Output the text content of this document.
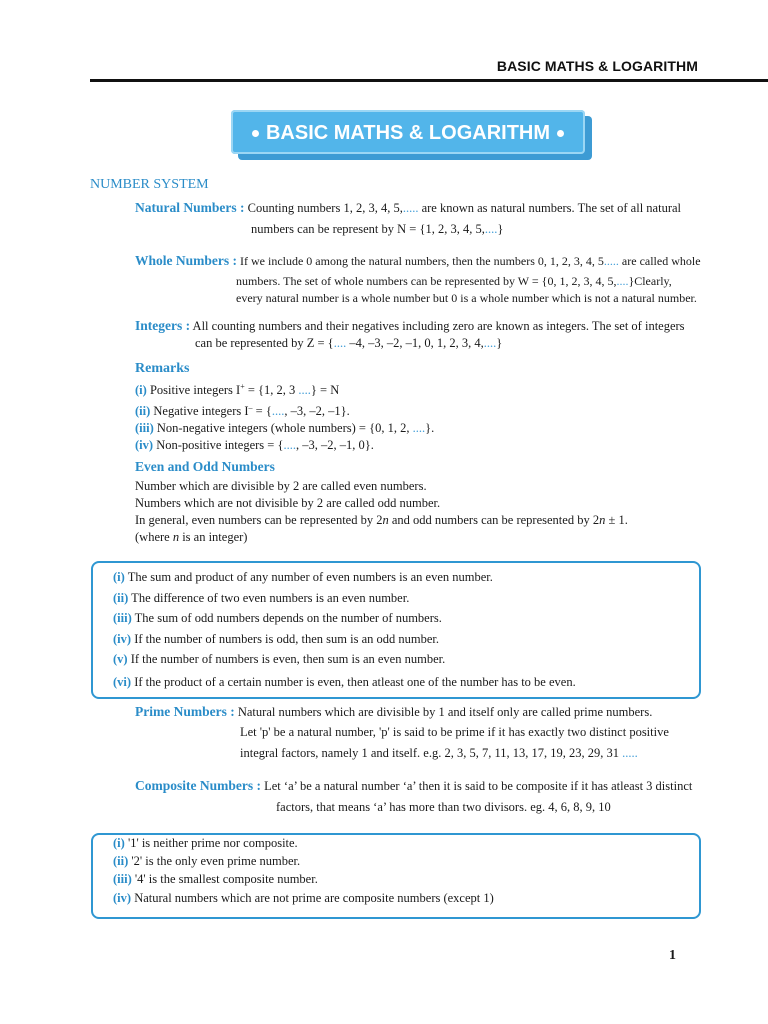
BASIC MATHS & LOGARITHM
BASIC MATHS & LOGARITHM
NUMBER SYSTEM
Natural Numbers : Counting numbers 1, 2, 3, 4, 5,..... are known as natural numbers. The set of all natural
numbers can be represent by N = {1, 2, 3, 4, 5,....}
Whole Numbers : If we include 0 among the natural numbers, then the numbers 0, 1, 2, 3, 4, 5..... are called whole
numbers. The set of whole numbers can be represented by W = {0, 1, 2, 3, 4, 5,....}Clearly,
every natural number is a whole number but 0 is a whole number which is not a natural number.
Integers : All counting numbers and their negatives including zero are known as integers. The set of integers
can be represented by Z = {.... –4, –3, –2, –1, 0, 1, 2, 3, 4,....}
Remarks
(i) Positive integers I+ = {1, 2, 3 ....} = N
(ii) Negative integers I– = {...., –3, –2, –1}.
(iii) Non-negative integers (whole numbers) = {0, 1, 2, ....}.
(iv) Non-positive integers = {...., –3, –2, –1, 0}.
Even and Odd Numbers
Number which are divisible by 2 are called even numbers.
Numbers which are not divisible by 2 are called odd number.
In general, even numbers can be represented by 2n and odd numbers can be represented by 2n ± 1.
(where n is an integer)
(i) The sum and product of any number of even numbers is an even number.
(ii) The difference of two even numbers is an even number.
(iii) The sum of odd numbers depends on the number of numbers.
(iv) If the number of numbers is odd, then sum is an odd number.
(v) If the number of numbers is even, then sum is an even number.
(vi) If the product of a certain number is even, then atleast one of the number has to be even.
Prime Numbers : Natural numbers which are divisible by 1 and itself only are called prime numbers.
Let 'p' be a natural number, 'p' is said to be prime if it has exactly two distinct positive
integral factors, namely 1 and itself. e.g. 2, 3, 5, 7, 11, 13, 17, 19, 23, 29, 31 .....
Composite Numbers : Let ‘a’ be a natural number ‘a’ then it is said to be composite if it has atleast 3 distinct
factors, that means ‘a’ has more than two divisors. eg. 4, 6, 8, 9, 10
(i) '1' is neither prime nor composite.
(ii) '2' is the only even prime number.
(iii) '4' is the smallest composite number.
(iv) Natural numbers which are not prime are composite numbers (except 1)
1
